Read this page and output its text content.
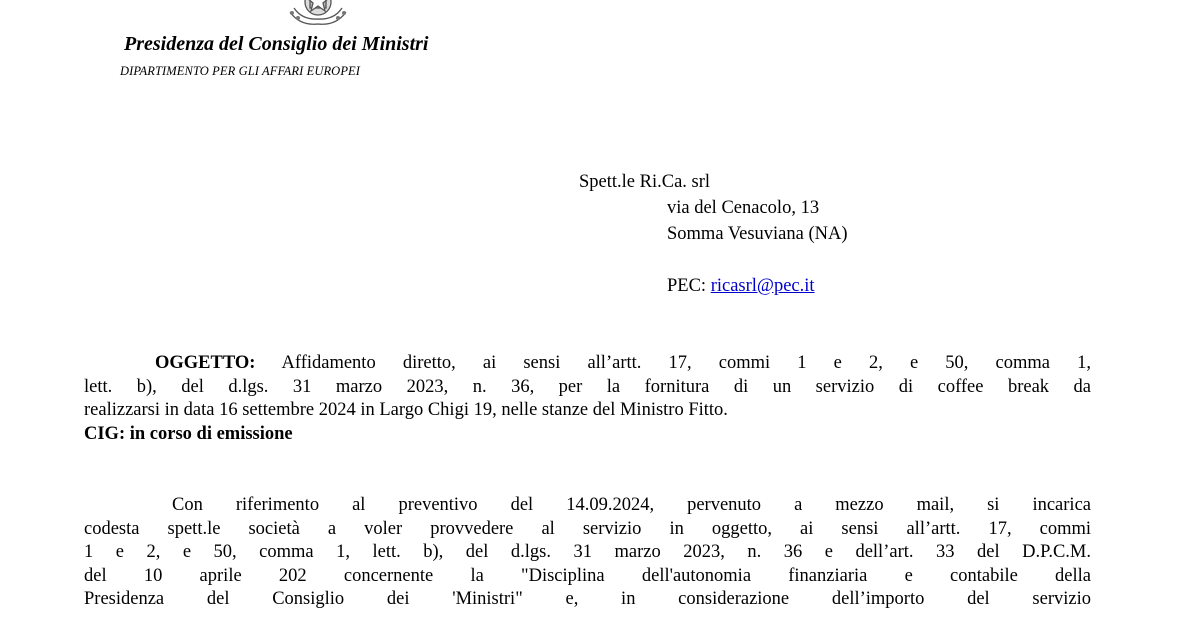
Presidenza del Consiglio dei Ministri
DIPARTIMENTO PER GLI AFFARI EUROPEI
Spett.le Ri.Ca. srl
via del Cenacolo, 13
Somma Vesuviana (NA)
PEC: ricasrl@pec.it
OGGETTO: Affidamento diretto, ai sensi all’artt. 17, commi 1 e 2, e 50, comma 1,
lett. b), del d.lgs. 31 marzo 2023, n. 36, per la fornitura di un servizio di coffee break da
realizzarsi in data 16 settembre 2024 in Largo Chigi 19, nelle stanze del Ministro Fitto.
CIG: in corso di emissione
Con riferimento al preventivo del 14.09.2024, pervenuto a mezzo mail, si incarica
codesta spett.le società a voler provvedere al servizio in oggetto, ai sensi all’artt. 17, commi
1 e 2, e 50, comma 1, lett. b), del d.lgs. 31 marzo 2023, n. 36 e dell’art. 33 del D.P.C.M.
del 10 aprile 202 concernente la "Disciplina dell'autonomia finanziaria e contabile della
Presidenza del Consiglio dei 'Ministri" e, in considerazione dell’importo del servizio
